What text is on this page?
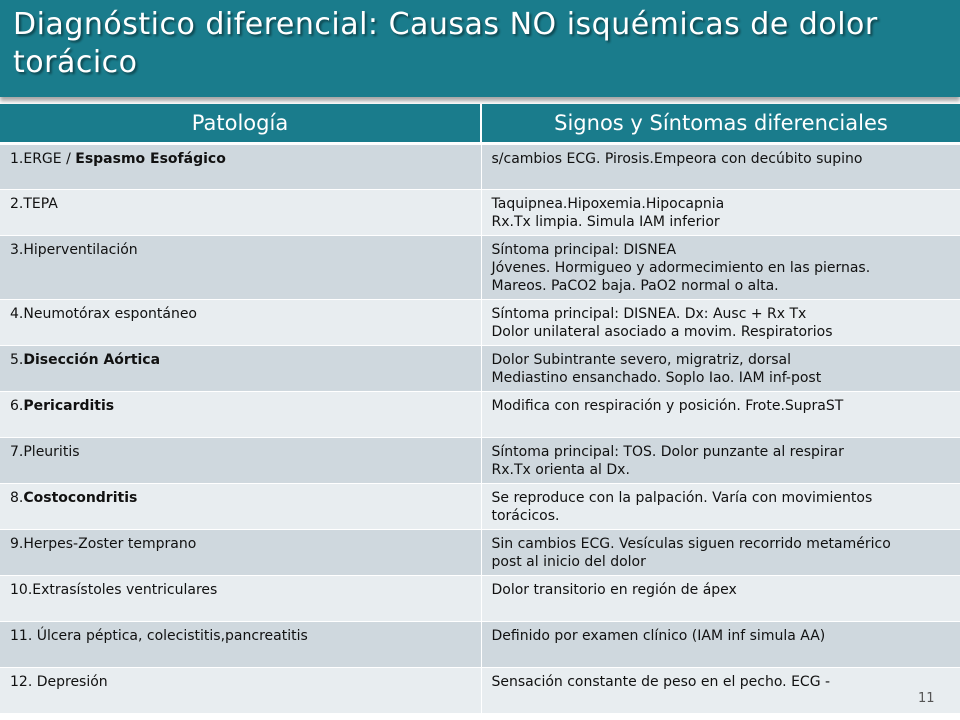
Diagnóstico diferencial: Causas NO isquémicas de dolor torácico
Patología	Signos y Síntomas diferenciales

1.ERGE / Espasmo Esofágico	s/cambios ECG. Pirosis.Empeora con decúbito supino

2.TEPA	Taquipnea.Hipoxemia.Hipocapnia
Rx.Tx limpia. Simula IAM inferior

3.Hiperventilación	Síntoma principal: DISNEA
Jóvenes. Hormigueo y adormecimiento en las piernas.
Mareos. PaCO2 baja. PaO2 normal o alta.

4.Neumotórax espontáneo	Síntoma principal: DISNEA. Dx: Ausc + Rx Tx
Dolor unilateral asociado a movim. Respiratorios

5.Disección Aórtica	Dolor Subintrante severo, migratriz, dorsal
Mediastino ensanchado. Soplo Iao. IAM inf-post

6.Pericarditis	Modifica con respiración y posición. Frote.SupraST

7.Pleuritis	Síntoma principal: TOS. Dolor punzante al respirar
Rx.Tx orienta al Dx.

8.Costocondritis	Se reproduce con la palpación. Varía con movimientos
torácicos.

9.Herpes-Zoster temprano	Sin cambios ECG. Vesículas siguen recorrido metamérico
post al inicio del dolor

10.Extrasístoles ventriculares	Dolor transitorio en región de ápex

11. Úlcera péptica, colecistitis,pancreatitis	Definido por examen clínico (IAM inf simula AA)

12. Depresión	Sensación constante de peso en el pecho. ECG -
11
